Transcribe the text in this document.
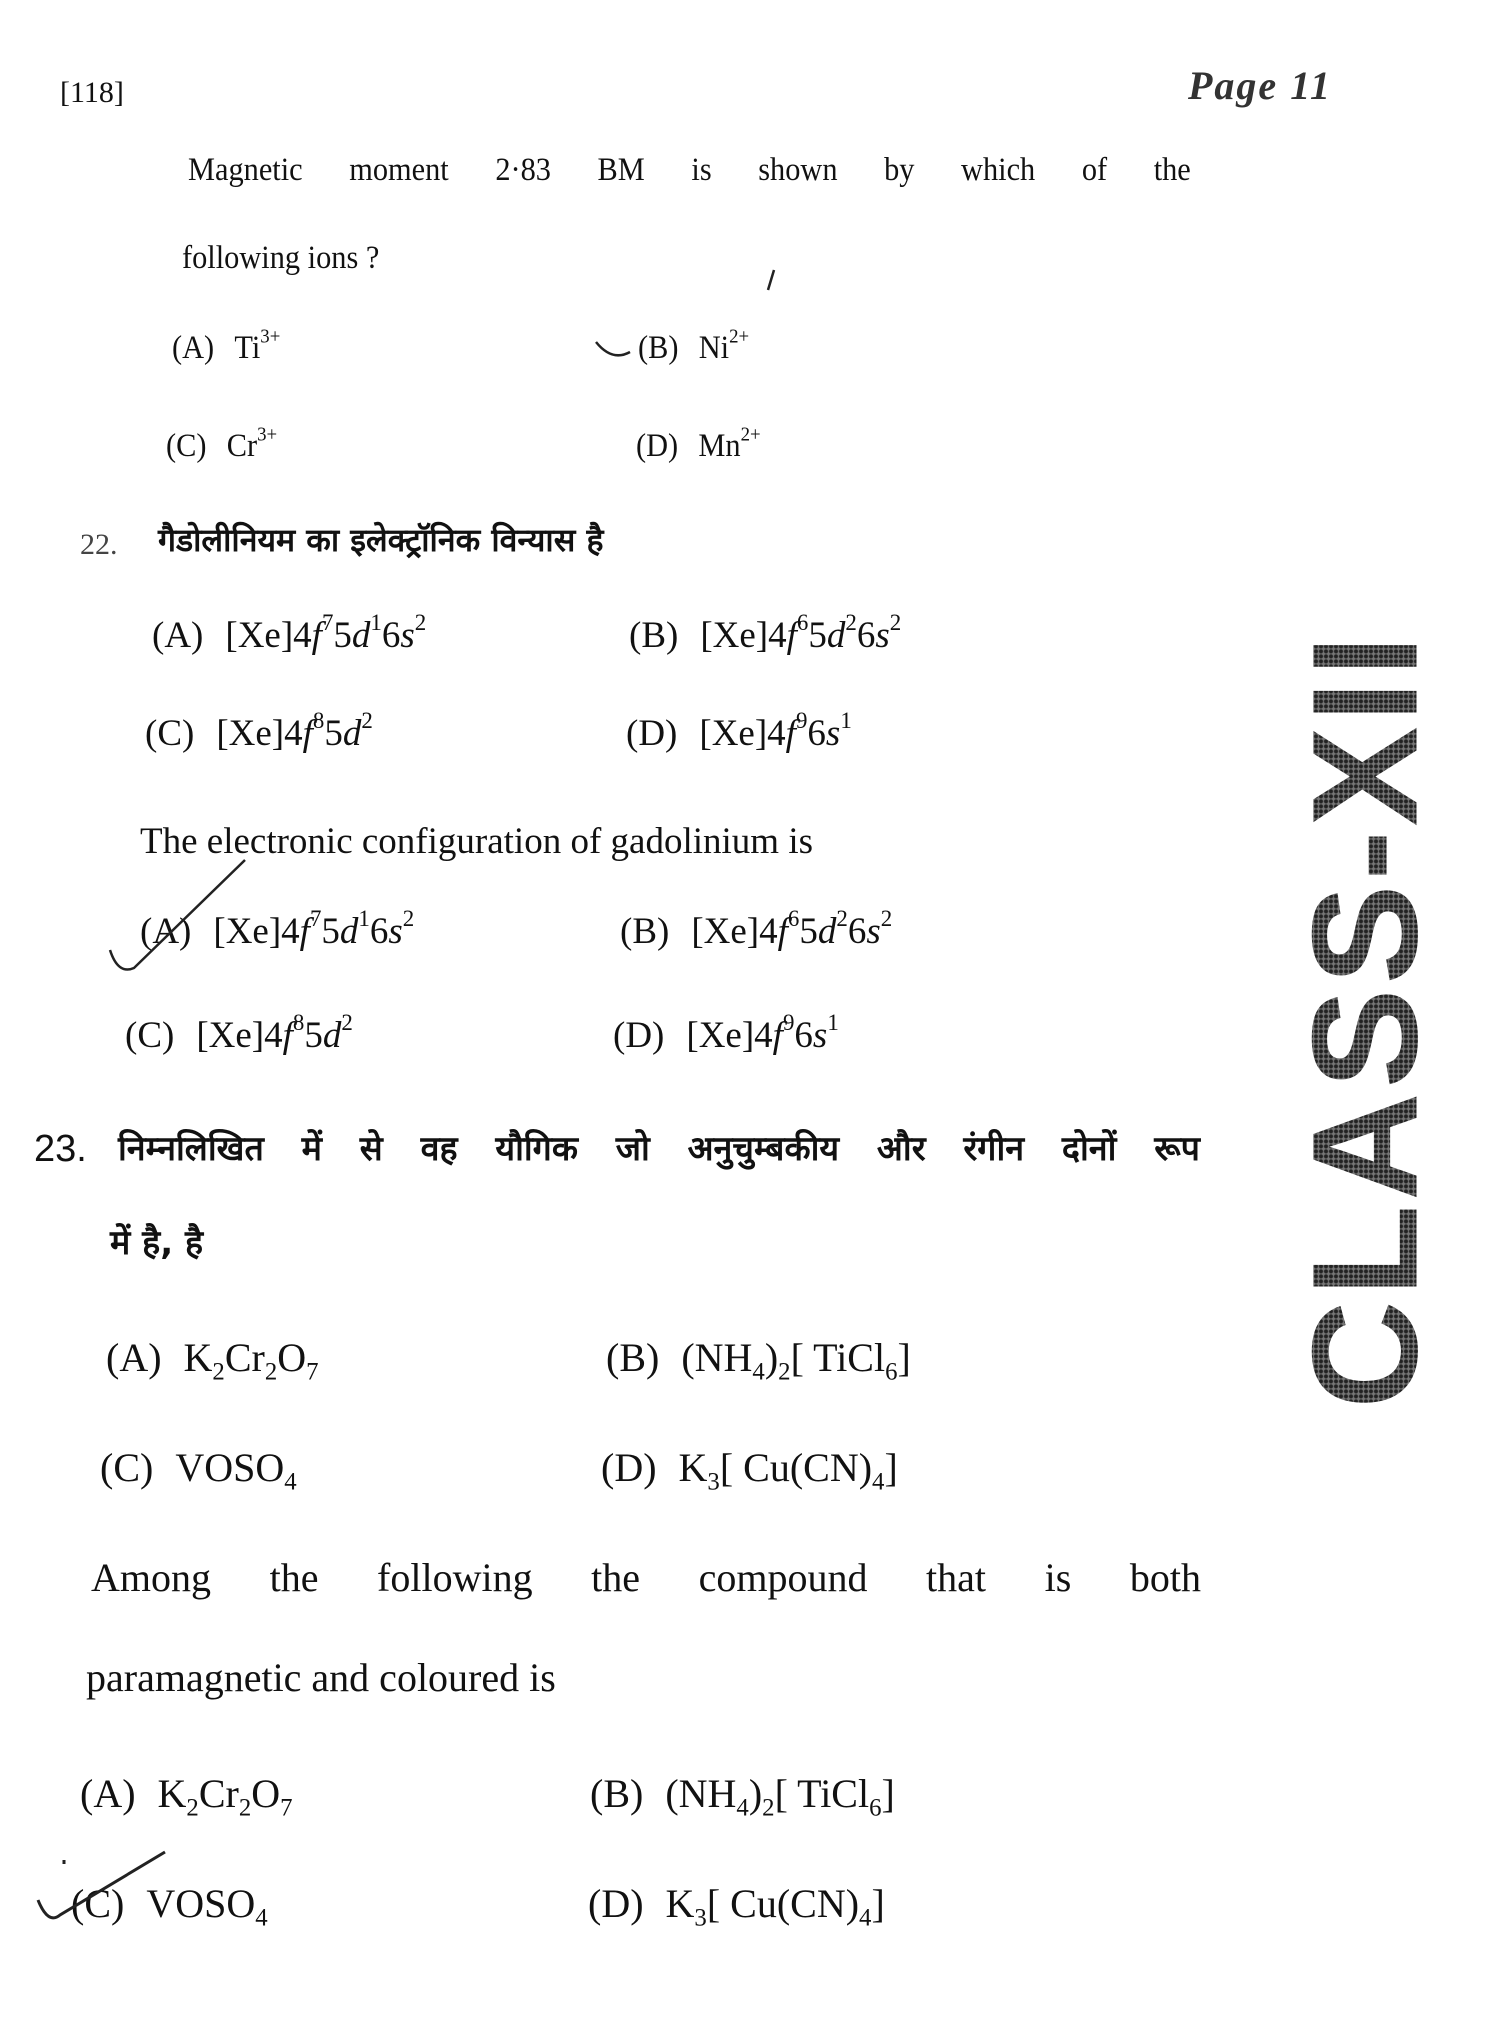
[118]	Page 11
Magnetic moment 2·83 BM is shown by which of the
following ions ?
(A) $Ti^{3+}$	(B) $Ni^{2+}$
(C) $Cr^{3+}$	(D) $Mn^{2+}$
22. गैडोलीनियम का इलेक्ट्रॉनिक विन्यास है
(A) $[Xe]4f^75d^16s^2$	(B) $[Xe]4f^65d^26s^2$
(C) $[Xe]4f^85d^2$	(D) $[Xe]4f^96s^1$
The electronic configuration of gadolinium is
(A) $[Xe]4f^75d^16s^2$	(B) $[Xe]4f^65d^26s^2$
(C) $[Xe]4f^85d^2$	(D) $[Xe]4f^96s^1$
23. निम्नलिखित में से वह यौगिक जो अनुचुम्बकीय और रंगीन दोनों रूप
में है, है
(A) $K_2Cr_2O_7$	(B) $(NH_4)_2$[ TiCl$_6$]
(C) $VOSO_4$	(D) $K_3$[ $Cu(CN)_4$]
Among the following the compound that is both
paramagnetic and coloured is
(A) $K_2Cr_2O_7$	(B) $(NH_4)_2$[ TiCl$_6$]
(C) $VOSO_4$	(D) $K_3$[ $Cu(CN)_4$]
CLASS-XII
